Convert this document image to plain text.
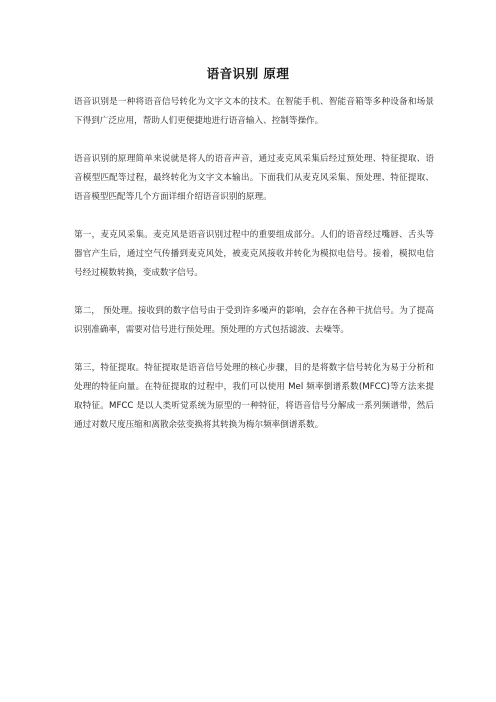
语音识别 原理

语音识别是一种将语音信号转化为文字文本的技术。在智能手机、智能音箱等多种设备和场景下得到广泛应用，帮助人们更便捷地进行语音输入、控制等操作。

语音识别的原理简单来说就是将人的语音声音，通过麦克风采集后经过预处理、特征提取、语音模型匹配等过程，最终转化为文字文本输出。下面我们从麦克风采集、预处理、特征提取、语音模型匹配等几个方面详细介绍语音识别的原理。

第一，麦克风采集。麦克风是语音识别过程中的重要组成部分。人们的语音经过嘴唇、舌头等器官产生后，通过空气传播到麦克风处，被麦克风接收并转化为模拟电信号。接着，模拟电信号经过模数转换，变成数字信号。

第二， 预处理。接收到的数字信号由于受到许多噪声的影响，会存在各种干扰信号。为了提高识别准确率，需要对信号进行预处理。预处理的方式包括滤波、去噪等。

第三，特征提取。特征提取是语音信号处理的核心步骤，目的是将数字信号转化为易于分析和处理的特征向量。在特征提取的过程中，我们可以使用 Mel 频率倒谱系数(MFCC)等方法来提取特征。MFCC 是以人类听觉系统为原型的一种特征，将语音信号分解成一系列频谱带，然后通过对数尺度压缩和离散余弦变换将其转换为梅尔频率倒谱系数。
